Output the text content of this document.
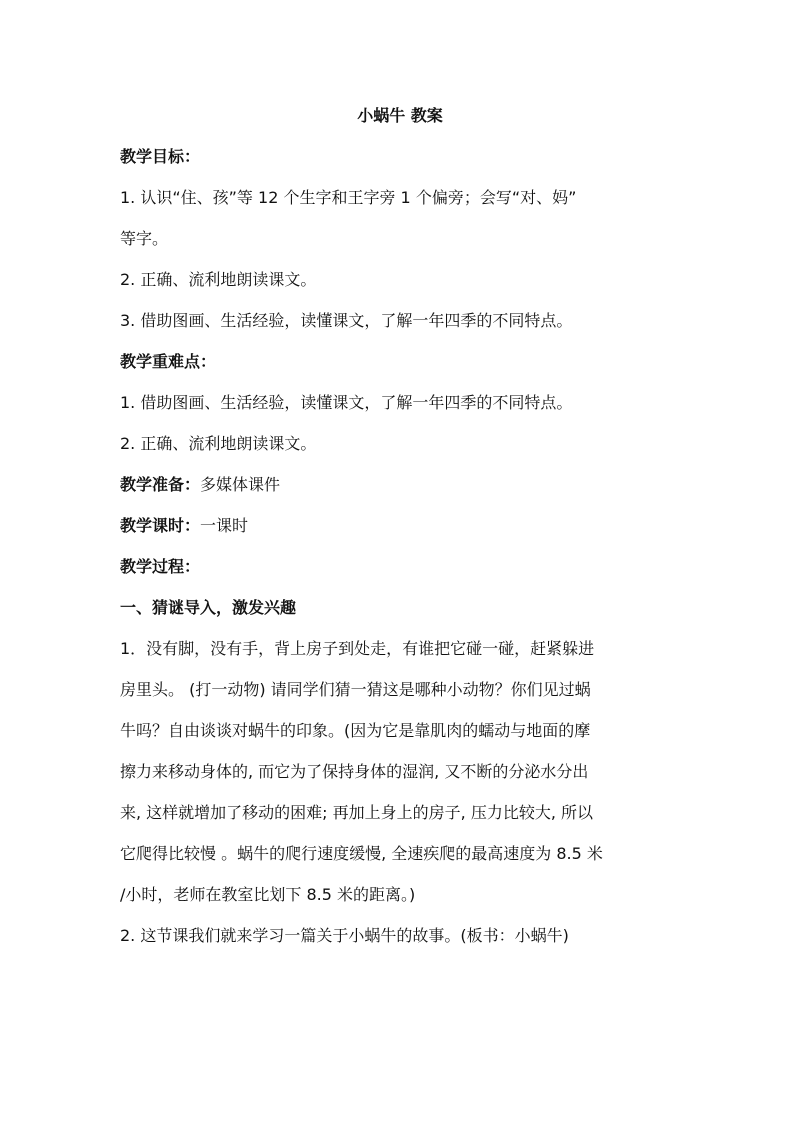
小蜗牛 教案
教学目标：
1. 认识“住、孩”等 12 个生字和王字旁 1 个偏旁；会写“对、妈”
等字。
2. 正确、流利地朗读课文。
3. 借助图画、生活经验，读懂课文，了解一年四季的不同特点。
教学重难点：
1. 借助图画、生活经验，读懂课文，了解一年四季的不同特点。
2. 正确、流利地朗读课文。
教学准备：多媒体课件
教学课时：一课时
教学过程：
一、猜谜导入，激发兴趣
1．没有脚，没有手，背上房子到处走，有谁把它碰一碰，赶紧躲进
房里头。 (打一动物) 请同学们猜一猜这是哪种小动物？你们见过蜗
牛吗？自由谈谈对蜗牛的印象。(因为它是靠肌肉的蠕动与地面的摩
擦力来移动身体的, 而它为了保持身体的湿润, 又不断的分泌水分出
来, 这样就增加了移动的困难; 再加上身上的房子, 压力比较大, 所以
它爬得比较慢 。蜗牛的爬行速度缓慢, 全速疾爬的最高速度为 8.5 米
/小时，老师在教室比划下 8.5 米的距离。)
2. 这节课我们就来学习一篇关于小蜗牛的故事。(板书：小蜗牛)
